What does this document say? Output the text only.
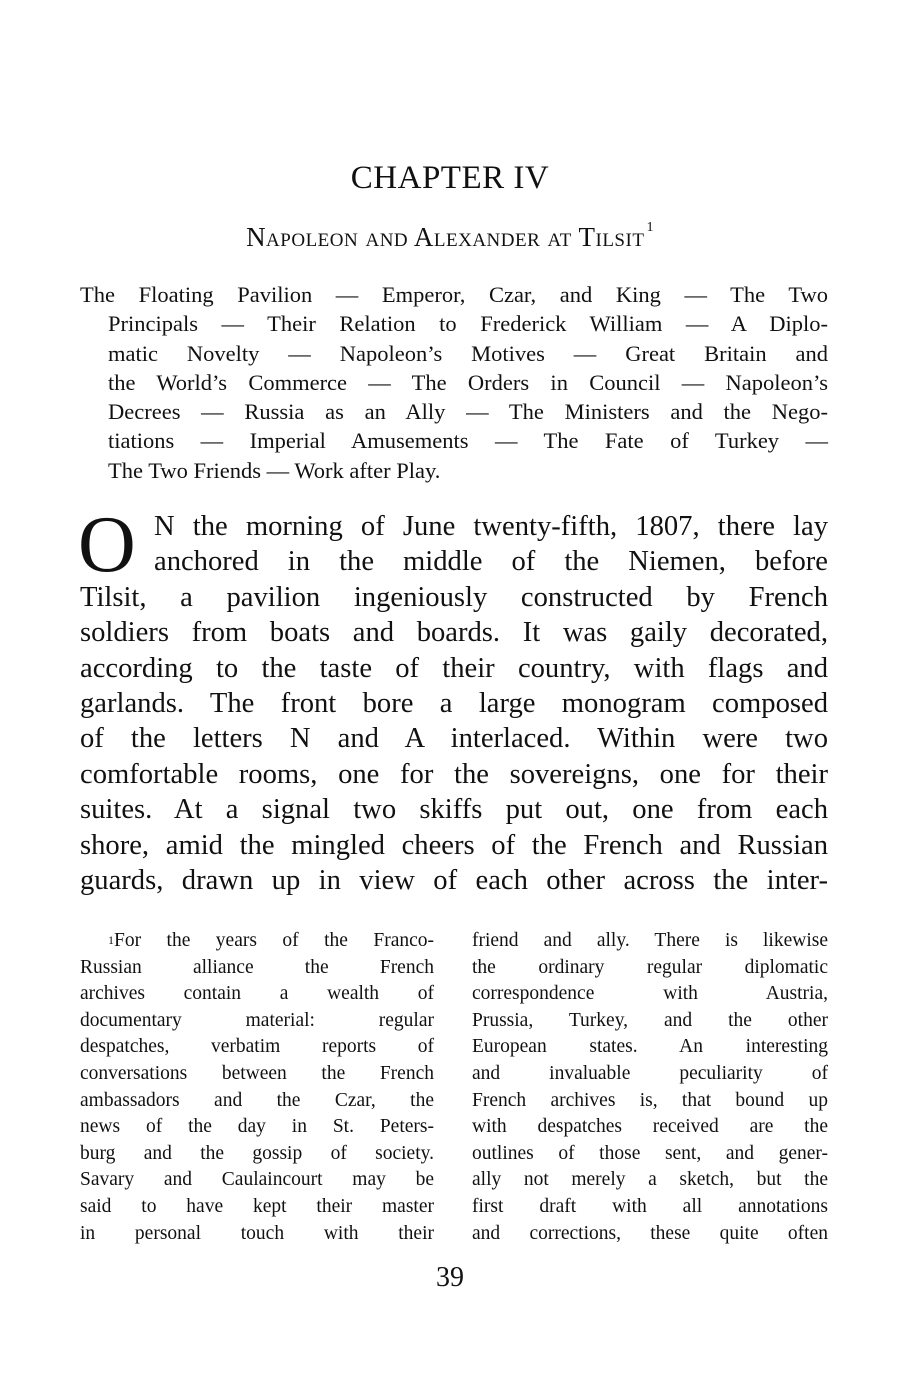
CHAPTER IV
Napoleon and Alexander at Tilsit $^1$
The Floating Pavilion — Emperor, Czar, and King — The Two
Principals — Their Relation to Frederick William — A Diplo-
matic Novelty — Napoleon’s Motives — Great Britain and
the World’s Commerce — The Orders in Council — Napoleon’s
Decrees — Russia as an Ally — The Ministers and the Nego-
tiations — Imperial Amusements — The Fate of Turkey —
The Two Friends — Work after Play.
O N the morning of June twenty-fifth, 1807, there lay
anchored in the middle of the Niemen, before
Tilsit, a pavilion ingeniously constructed by French
soldiers from boats and boards. It was gaily decorated,
according to the taste of their country, with flags and
garlands. The front bore a large monogram composed
of the letters N and A interlaced. Within were two
comfortable rooms, one for the sovereigns, one for their
suites. At a signal two skiffs put out, one from each
shore, amid the mingled cheers of the French and Russian
guards, drawn up in view of each other across the inter-
$^1$For the years of the Franco-
Russian alliance the French
archives contain a wealth of
documentary material: regular
despatches, verbatim reports of
conversations between the French
ambassadors and the Czar, the
news of the day in St. Peters-
burg and the gossip of society.
Savary and Caulaincourt may be
said to have kept their master
in personal touch with their
friend and ally. There is likewise
the ordinary regular diplomatic
correspondence with Austria,
Prussia, Turkey, and the other
European states. An interesting
and invaluable peculiarity of
French archives is, that bound up
with despatches received are the
outlines of those sent, and gener-
ally not merely a sketch, but the
first draft with all annotations
and corrections, these quite often
39
